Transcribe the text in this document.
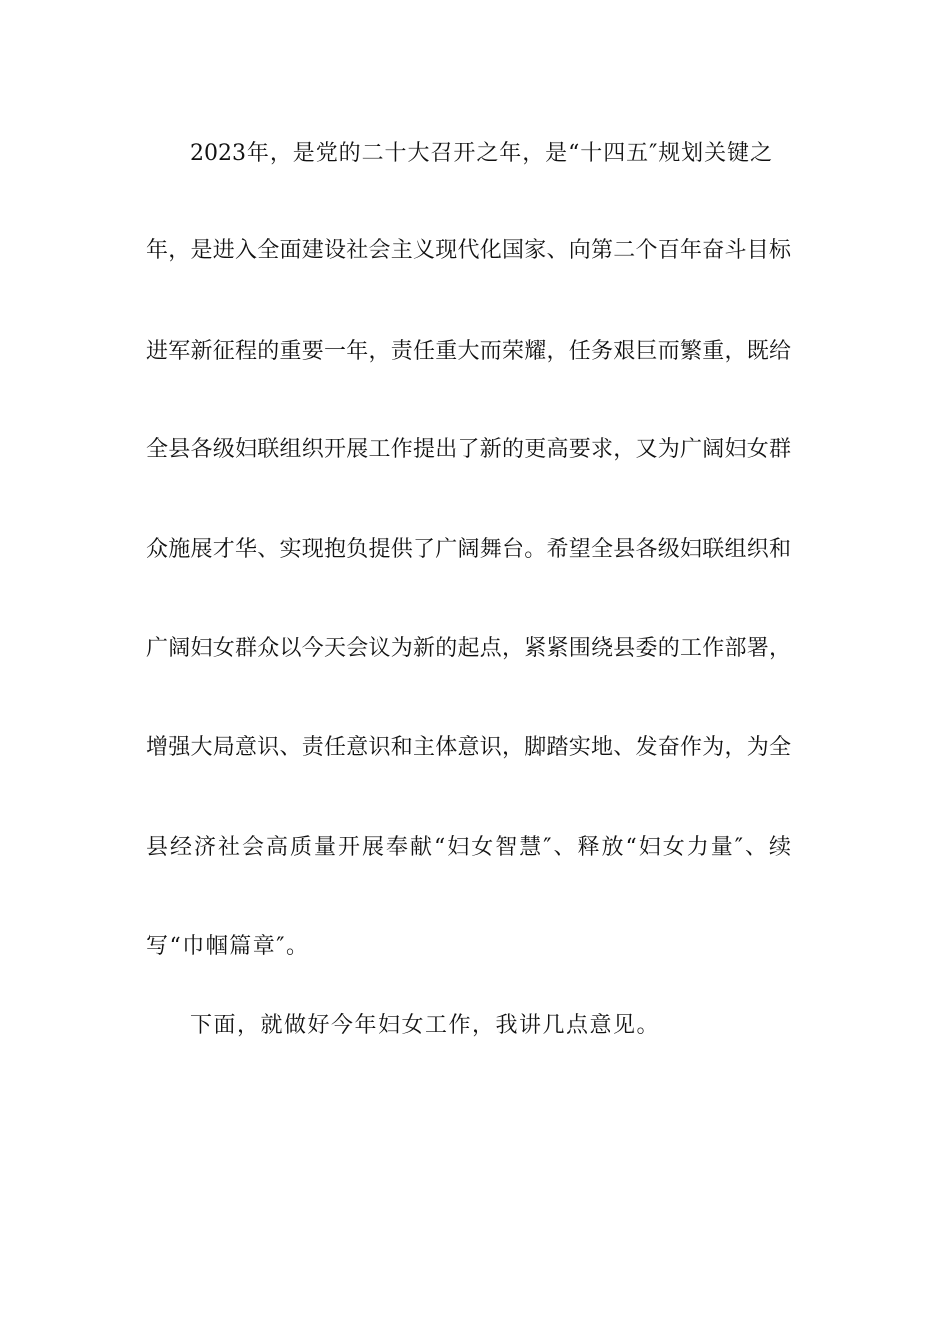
2023年，是党的二十大召开之年，是“十四五″规划关键之
年，是进入全面建设社会主义现代化国家、向第二个百年奋斗目标
进军新征程的重要一年，责任重大而荣耀，任务艰巨而繁重，既给
全县各级妇联组织开展工作提出了新的更高要求，又为广阔妇女群
众施展才华、实现抱负提供了广阔舞台。希望全县各级妇联组织和
广阔妇女群众以今天会议为新的起点，紧紧围绕县委的工作部署，
增强大局意识、责任意识和主体意识，脚踏实地、发奋作为，为全
县经济社会高质量开展奉献“妇女智慧″、释放“妇女力量″、续
写“巾帼篇章″。
下面，就做好今年妇女工作，我讲几点意见。
